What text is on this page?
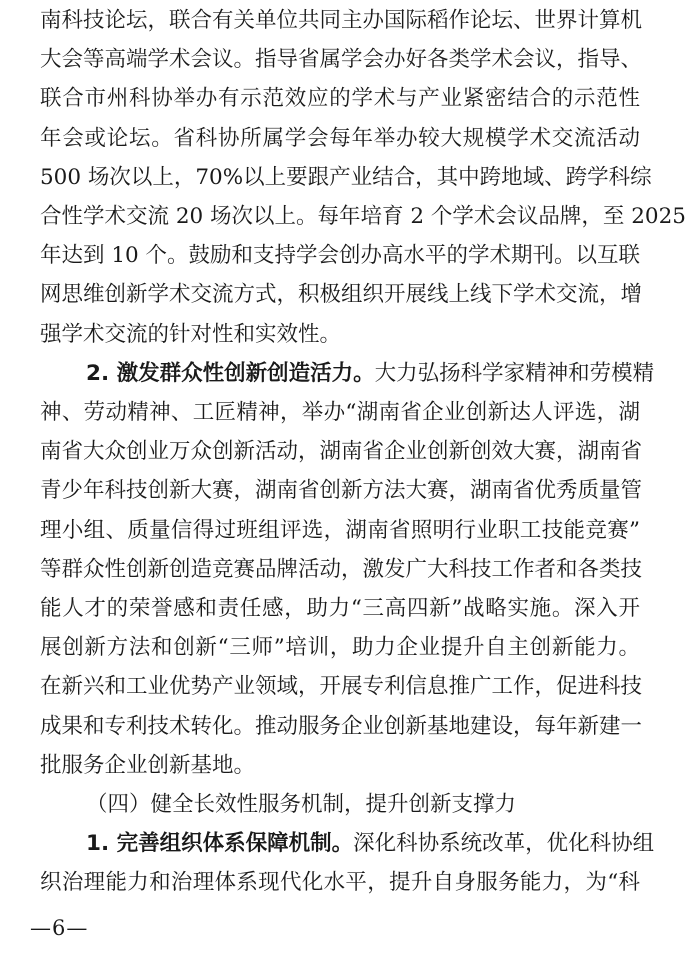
南科技论坛，联合有关单位共同主办国际稻作论坛、世界计算机
大会等高端学术会议。指导省属学会办好各类学术会议，指导、
联合市州科协举办有示范效应的学术与产业紧密结合的示范性
年会或论坛。省科协所属学会每年举办较大规模学术交流活动
500 场次以上，70%以上要跟产业结合，其中跨地域、跨学科综
合性学术交流 20 场次以上。每年培育 2 个学术会议品牌，至 2025
年达到 10 个。鼓励和支持学会创办高水平的学术期刊。以互联
网思维创新学术交流方式，积极组织开展线上线下学术交流，增
强学术交流的针对性和实效性。
2. 激发群众性创新创造活力。大力弘扬科学家精神和劳模精
神、劳动精神、工匠精神，举办“湖南省企业创新达人评选，湖
南省大众创业万众创新活动，湖南省企业创新创效大赛，湖南省
青少年科技创新大赛，湖南省创新方法大赛，湖南省优秀质量管
理小组、质量信得过班组评选，湖南省照明行业职工技能竞赛”
等群众性创新创造竞赛品牌活动，激发广大科技工作者和各类技
能人才的荣誉感和责任感，助力“三高四新”战略实施。深入开
展创新方法和创新“三师”培训，助力企业提升自主创新能力。
在新兴和工业优势产业领域，开展专利信息推广工作，促进科技
成果和专利技术转化。推动服务企业创新基地建设，每年新建一
批服务企业创新基地。
（四）健全长效性服务机制，提升创新支撑力
1. 完善组织体系保障机制。深化科协系统改革，优化科协组
织治理能力和治理体系现代化水平，提升自身服务能力，为“科
—6—
